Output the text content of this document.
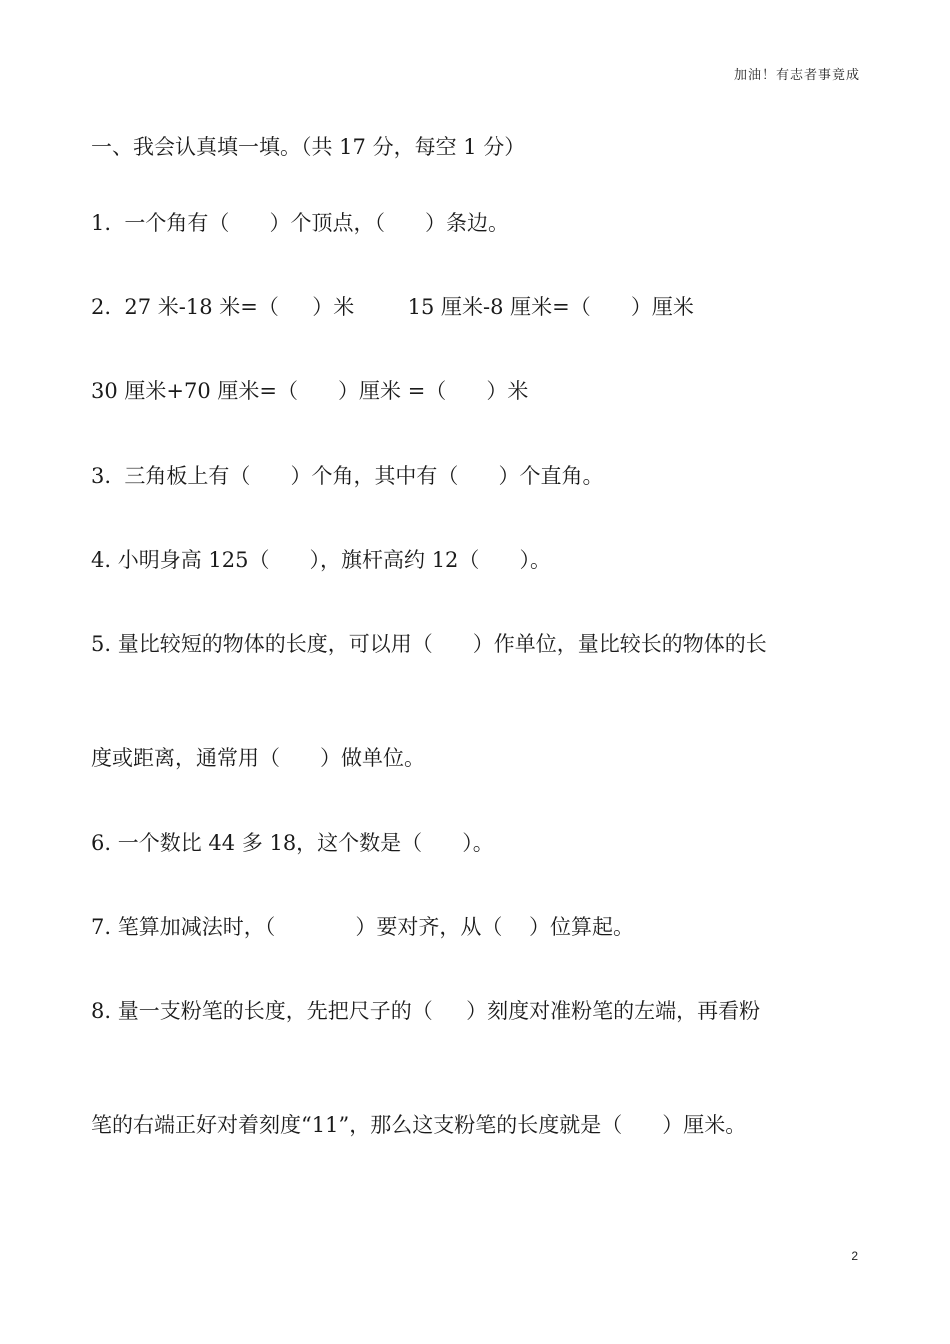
加油！有志者事竟成
一、我会认真填一填。（共 17 分，每空 1 分）
1.  一个角有（      ）个顶点，（      ）条边。
2.  27 米-18 米=（     ）米        15 厘米-8 厘米=（      ）厘米
30 厘米+70 厘米=（      ）厘米 =（      ）米
3.  三角板上有（      ）个角，其中有（      ）个直角。
4. 小明身高 125（      ），旗杆高约 12（      ）。
5. 量比较短的物体的长度，可以用（      ）作单位，量比较长的物体的长
度或距离，通常用（      ）做单位。
6. 一个数比 44 多 18，这个数是（      ）。
7. 笔算加减法时，（            ）要对齐，从（    ）位算起。
8. 量一支粉笔的长度，先把尺子的（     ）刻度对准粉笔的左端，再看粉
笔的右端正好对着刻度“11”，那么这支粉笔的长度就是（      ）厘米。
2
